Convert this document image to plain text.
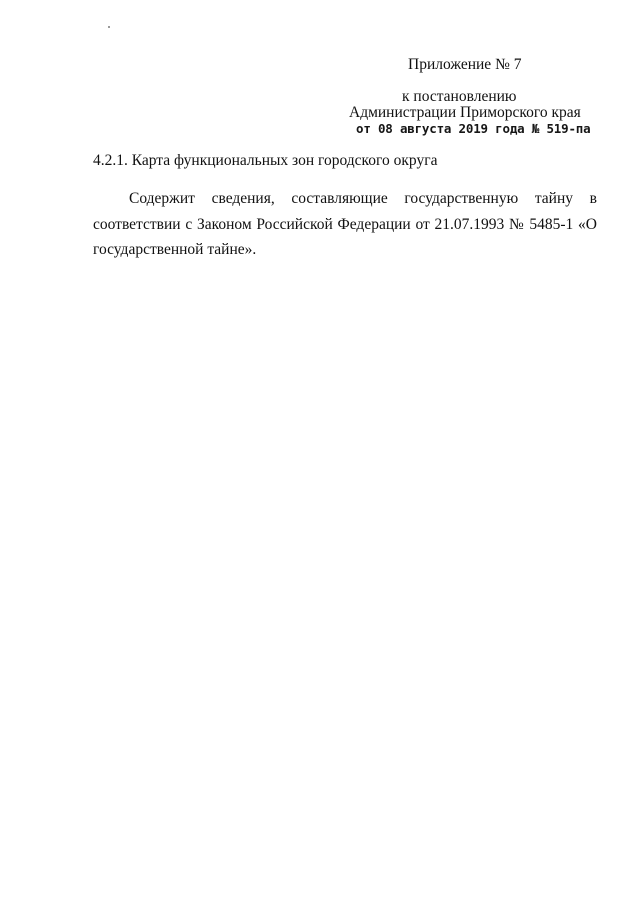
Приложение № 7
к постановлению
Администрации Приморского края
от 08 августа 2019 года № 519-па
4.2.1. Карта функциональных зон городского округа

Содержит сведения, составляющие государственную тайну в соответствии с Законом Российской Федерации от 21.07.1993 № 5485-1 «О государственной тайне».
